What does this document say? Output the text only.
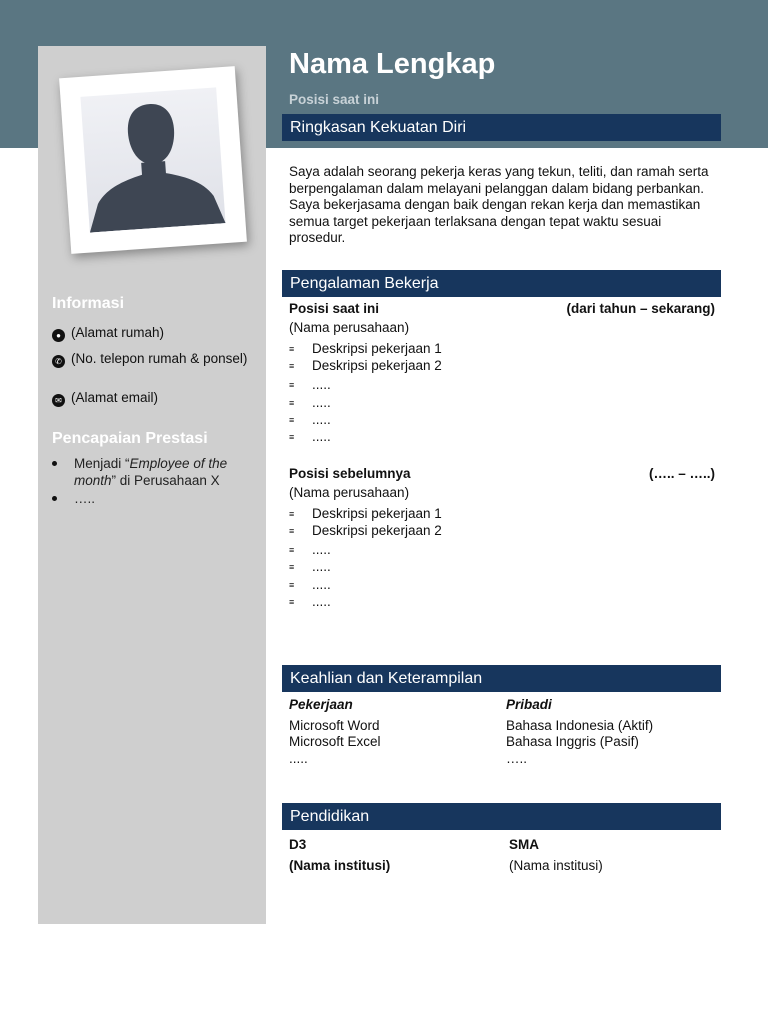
Informasi
● (Alamat rumah)
✆ (No. telepon rumah & ponsel)
✉ (Alamat email)
Pencapaian Prestasi
Menjadi “Employee of the month” di Perusahaan X
…..
Nama Lengkap
Posisi saat ini
Ringkasan Kekuatan Diri
Saya adalah seorang pekerja keras yang tekun, teliti, dan ramah serta berpengalaman dalam melayani pelanggan dalam bidang perbankan. Saya bekerjasama dengan baik dengan rekan kerja dan memastikan semua target pekerjaan terlaksana dengan tepat waktu sesuai prosedur.
Pengalaman Bekerja
Posisi saat ini	(dari tahun – sekarang)
(Nama perusahaan)
≡ Deskripsi pekerjaan 1
≡ Deskripsi pekerjaan 2
≡ .....
≡ .....
≡ .....
≡ .....
Posisi sebelumnya	(….. – …..)
(Nama perusahaan)
≡ Deskripsi pekerjaan 1
≡ Deskripsi pekerjaan 2
≡ .....
≡ .....
≡ .....
≡ .....
Keahlian dan Keterampilan
Pekerjaan
Microsoft Word
Microsoft Excel
.....
Pribadi
Bahasa Indonesia (Aktif)
Bahasa Inggris (Pasif)
…..
Pendidikan
D3
(Nama institusi)
SMA
(Nama institusi)
